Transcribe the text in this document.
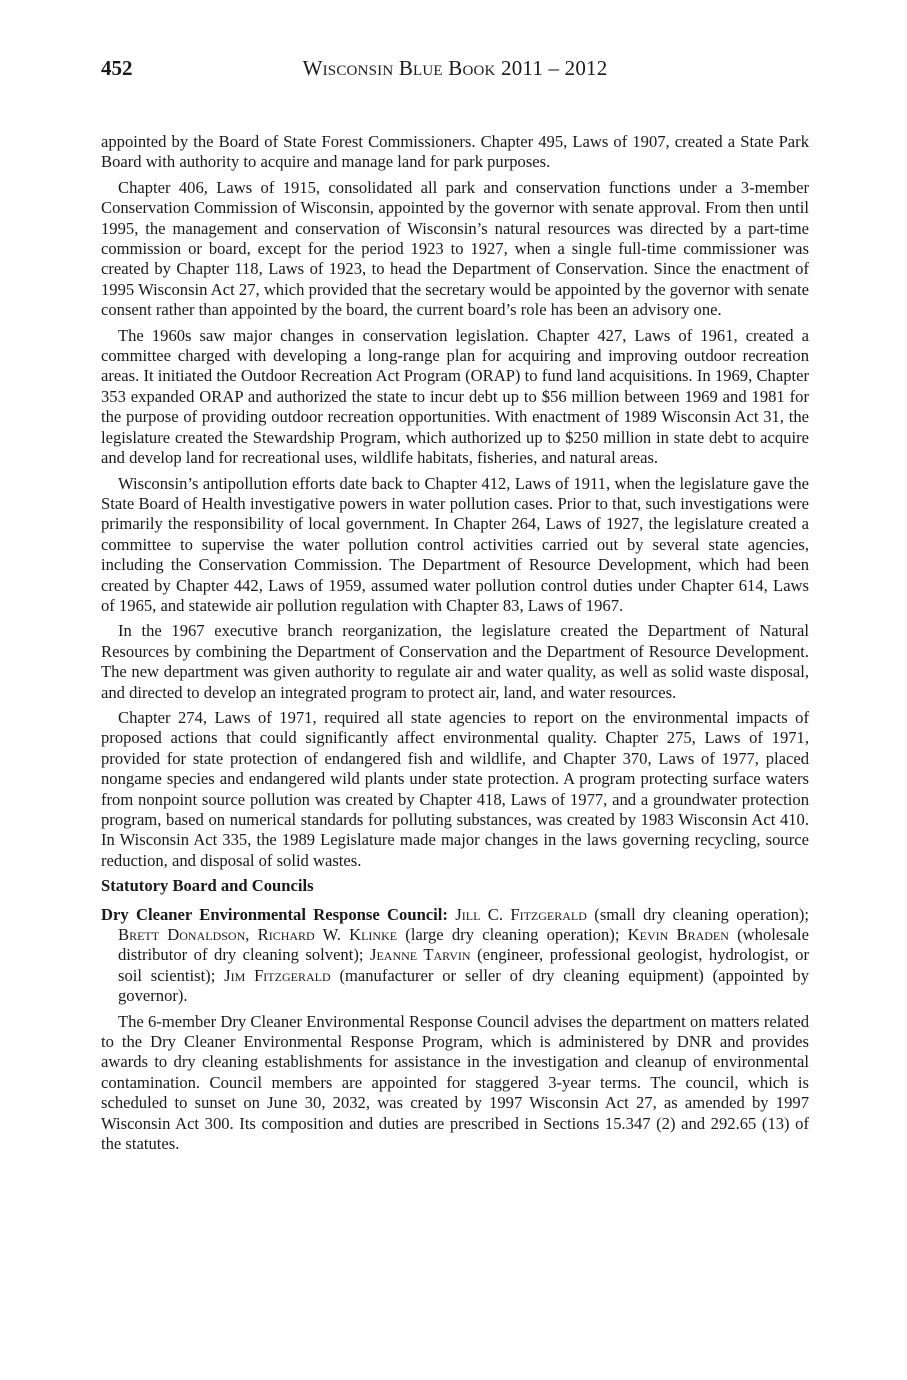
452	Wisconsin Blue Book 2011 – 2012

appointed by the Board of State Forest Commissioners. Chapter 495, Laws of 1907, created a State Park Board with authority to acquire and manage land for park purposes.

Chapter 406, Laws of 1915, consolidated all park and conservation functions under a 3-member Conservation Commission of Wisconsin, appointed by the governor with senate approval. From then until 1995, the management and conservation of Wisconsin’s natural resources was directed by a part-time commission or board, except for the period 1923 to 1927, when a single full-time commissioner was created by Chapter 118, Laws of 1923, to head the Department of Conservation. Since the enactment of 1995 Wisconsin Act 27, which provided that the secretary would be appointed by the governor with senate consent rather than appointed by the board, the current board’s role has been an advisory one.

The 1960s saw major changes in conservation legislation. Chapter 427, Laws of 1961, created a committee charged with developing a long-range plan for acquiring and improving outdoor recreation areas. It initiated the Outdoor Recreation Act Program (ORAP) to fund land acquisitions. In 1969, Chapter 353 expanded ORAP and authorized the state to incur debt up to $56 million between 1969 and 1981 for the purpose of providing outdoor recreation opportunities. With enactment of 1989 Wisconsin Act 31, the legislature created the Stewardship Program, which authorized up to $250 million in state debt to acquire and develop land for recreational uses, wildlife habitats, fisheries, and natural areas.

Wisconsin’s antipollution efforts date back to Chapter 412, Laws of 1911, when the legislature gave the State Board of Health investigative powers in water pollution cases. Prior to that, such investigations were primarily the responsibility of local government. In Chapter 264, Laws of 1927, the legislature created a committee to supervise the water pollution control activities carried out by several state agencies, including the Conservation Commission. The Department of Resource Development, which had been created by Chapter 442, Laws of 1959, assumed water pollution control duties under Chapter 614, Laws of 1965, and statewide air pollution regulation with Chapter 83, Laws of 1967.

In the 1967 executive branch reorganization, the legislature created the Department of Natural Resources by combining the Department of Conservation and the Department of Resource Development. The new department was given authority to regulate air and water quality, as well as solid waste disposal, and directed to develop an integrated program to protect air, land, and water resources.

Chapter 274, Laws of 1971, required all state agencies to report on the environmental impacts of proposed actions that could significantly affect environmental quality. Chapter 275, Laws of 1971, provided for state protection of endangered fish and wildlife, and Chapter 370, Laws of 1977, placed nongame species and endangered wild plants under state protection. A program protecting surface waters from nonpoint source pollution was created by Chapter 418, Laws of 1977, and a groundwater protection program, based on numerical standards for polluting substances, was created by 1983 Wisconsin Act 410. In Wisconsin Act 335, the 1989 Legislature made major changes in the laws governing recycling, source reduction, and disposal of solid wastes.

Statutory Board and Councils
Dry Cleaner Environmental Response Council: Jill C. Fitzgerald (small dry cleaning operation); Brett Donaldson, Richard W. Klinke (large dry cleaning operation); Kevin Braden (wholesale distributor of dry cleaning solvent); Jeanne Tarvin (engineer, professional geologist, hydrologist, or soil scientist); Jim Fitzgerald (manufacturer or seller of dry cleaning equipment) (appointed by governor).

The 6-member Dry Cleaner Environmental Response Council advises the department on matters related to the Dry Cleaner Environmental Response Program, which is administered by DNR and provides awards to dry cleaning establishments for assistance in the investigation and cleanup of environmental contamination. Council members are appointed for staggered 3-year terms. The council, which is scheduled to sunset on June 30, 2032, was created by 1997 Wisconsin Act 27, as amended by 1997 Wisconsin Act 300. Its composition and duties are prescribed in Sections 15.347 (2) and 292.65 (13) of the statutes.
